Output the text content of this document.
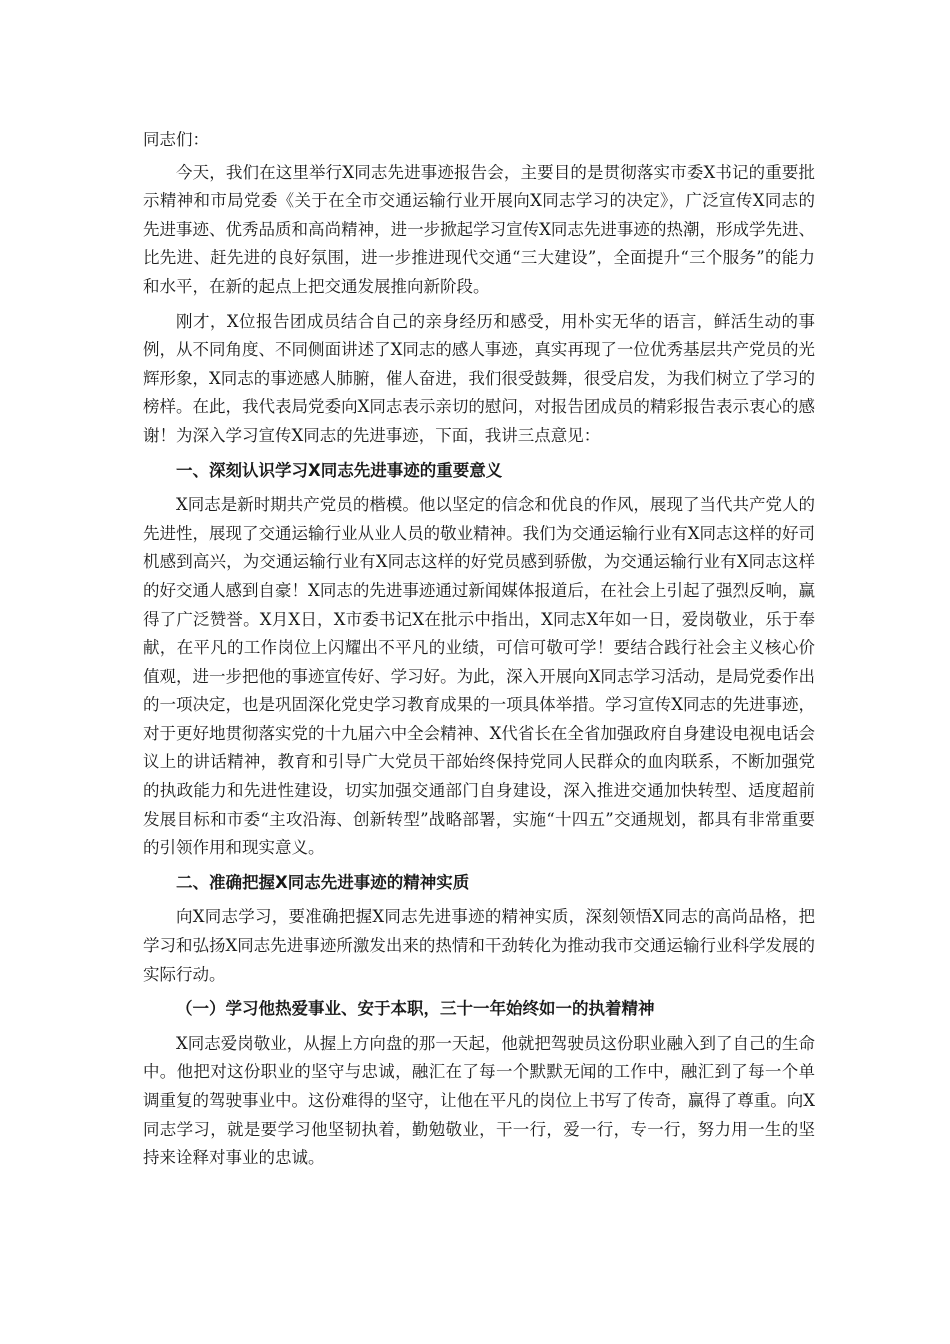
同志们：

今天，我们在这里举行X同志先进事迹报告会，主要目的是贯彻落实市委X书记的重要批示精神和市局党委《关于在全市交通运输行业开展向X同志学习的决定》，广泛宣传X同志的先进事迹、优秀品质和高尚精神，进一步掀起学习宣传X同志先进事迹的热潮，形成学先进、比先进、赶先进的良好氛围，进一步推进现代交通“三大建设”，全面提升“三个服务”的能力和水平，在新的起点上把交通发展推向新阶段。

刚才，X位报告团成员结合自己的亲身经历和感受，用朴实无华的语言，鲜活生动的事例，从不同角度、不同侧面讲述了X同志的感人事迹，真实再现了一位优秀基层共产党员的光辉形象，X同志的事迹感人肺腑，催人奋进，我们很受鼓舞，很受启发，为我们树立了学习的榜样。在此，我代表局党委向X同志表示亲切的慰问，对报告团成员的精彩报告表示衷心的感谢！为深入学习宣传X同志的先进事迹，下面，我讲三点意见：

一、深刻认识学习X同志先进事迹的重要意义

X同志是新时期共产党员的楷模。他以坚定的信念和优良的作风，展现了当代共产党人的先进性，展现了交通运输行业从业人员的敬业精神。我们为交通运输行业有X同志这样的好司机感到高兴，为交通运输行业有X同志这样的好党员感到骄傲，为交通运输行业有X同志这样的好交通人感到自豪！X同志的先进事迹通过新闻媒体报道后，在社会上引起了强烈反响，赢得了广泛赞誉。X月X日，X市委书记X在批示中指出，X同志X年如一日，爱岗敬业，乐于奉献，在平凡的工作岗位上闪耀出不平凡的业绩，可信可敬可学！要结合践行社会主义核心价值观，进一步把他的事迹宣传好、学习好。为此，深入开展向X同志学习活动，是局党委作出的一项决定，也是巩固深化党史学习教育成果的一项具体举措。学习宣传X同志的先进事迹，对于更好地贯彻落实党的十九届六中全会精神、X代省长在全省加强政府自身建设电视电话会议上的讲话精神，教育和引导广大党员干部始终保持党同人民群众的血肉联系，不断加强党的执政能力和先进性建设，切实加强交通部门自身建设，深入推进交通加快转型、适度超前发展目标和市委“主攻沿海、创新转型”战略部署，实施“十四五”交通规划，都具有非常重要的引领作用和现实意义。

二、准确把握X同志先进事迹的精神实质

向X同志学习，要准确把握X同志先进事迹的精神实质，深刻领悟X同志的高尚品格，把学习和弘扬X同志先进事迹所激发出来的热情和干劲转化为推动我市交通运输行业科学发展的实际行动。

（一）学习他热爱事业、安于本职，三十一年始终如一的执着精神

X同志爱岗敬业，从握上方向盘的那一天起，他就把驾驶员这份职业融入到了自己的生命中。他把对这份职业的坚守与忠诚，融汇在了每一个默默无闻的工作中，融汇到了每一个单调重复的驾驶事业中。这份难得的坚守，让他在平凡的岗位上书写了传奇，赢得了尊重。向X同志学习，就是要学习他坚韧执着，勤勉敬业，干一行，爱一行，专一行，努力用一生的坚持来诠释对事业的忠诚。
